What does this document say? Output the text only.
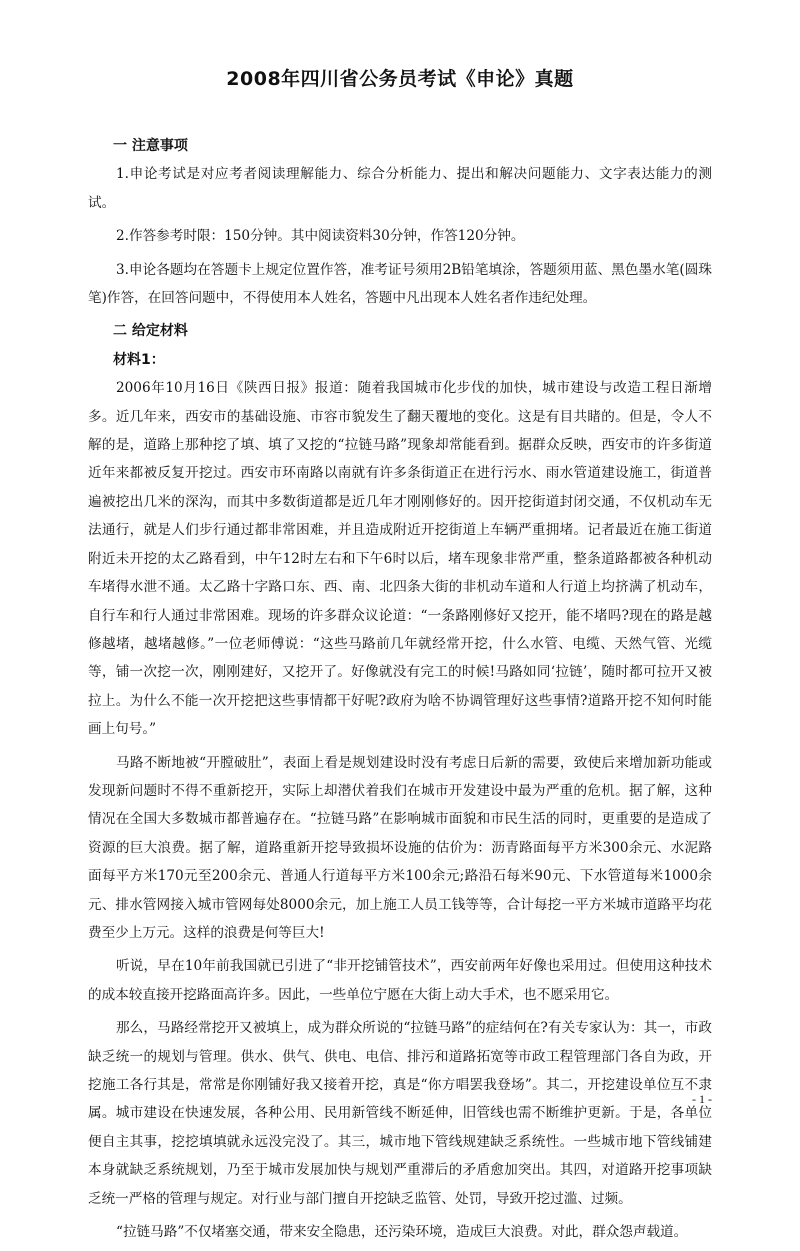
2008年四川省公务员考试《申论》真题
一 注意事项
1.申论考试是对应考者阅读理解能力、综合分析能力、提出和解决问题能力、文字表达能力的测试。
2.作答参考时限：150分钟。其中阅读资料30分钟，作答120分钟。
3.申论各题均在答题卡上规定位置作答，准考证号须用2B铅笔填涂，答题须用蓝、黑色墨水笔(圆珠笔)作答，在回答问题中，不得使用本人姓名，答题中凡出现本人姓名者作违纪处理。
二 给定材料
材料1：
2006年10月16日《陕西日报》报道：随着我国城市化步伐的加快，城市建设与改造工程日渐增多。近几年来，西安市的基础设施、市容市貌发生了翻天覆地的变化。这是有目共睹的。但是，令人不解的是，道路上那种挖了填、填了又挖的“拉链马路”现象却常能看到。据群众反映，西安市的许多街道近年来都被反复开挖过。西安市环南路以南就有许多条街道正在进行污水、雨水管道建设施工，街道普遍被挖出几米的深沟，而其中多数街道都是近几年才刚刚修好的。因开挖街道封闭交通，不仅机动车无法通行，就是人们步行通过都非常困难，并且造成附近开挖街道上车辆严重拥堵。记者最近在施工街道附近未开挖的太乙路看到，中午12时左右和下午6时以后，堵车现象非常严重，整条道路都被各种机动车堵得水泄不通。太乙路十字路口东、西、南、北四条大街的非机动车道和人行道上均挤满了机动车，自行车和行人通过非常困难。现场的许多群众议论道：“一条路刚修好又挖开，能不堵吗?现在的路是越修越堵，越堵越修。”一位老师傅说：“这些马路前几年就经常开挖，什么水管、电缆、天然气管、光缆等，铺一次挖一次，刚刚建好，又挖开了。好像就没有完工的时候!马路如同‘拉链’，随时都可拉开又被拉上。为什么不能一次开挖把这些事情都干好呢?政府为啥不协调管理好这些事情?道路开挖不知何时能画上句号。”
马路不断地被“开膛破肚”，表面上看是规划建设时没有考虑日后新的需要，致使后来增加新功能或发现新问题时不得不重新挖开，实际上却潜伏着我们在城市开发建设中最为严重的危机。据了解，这种情况在全国大多数城市都普遍存在。“拉链马路”在影响城市面貌和市民生活的同时，更重要的是造成了资源的巨大浪费。据了解，道路重新开挖导致损坏设施的估价为：沥青路面每平方米300余元、水泥路面每平方米170元至200余元、普通人行道每平方米100余元;路沿石每米90元、下水管道每米1000余元、排水管网接入城市管网每处8000余元，加上施工人员工钱等等，合计每挖一平方米城市道路平均花费至少上万元。这样的浪费是何等巨大!
听说，早在10年前我国就已引进了“非开挖铺管技术”，西安前两年好像也采用过。但使用这种技术的成本较直接开挖路面高许多。因此，一些单位宁愿在大街上动大手术，也不愿采用它。
那么，马路经常挖开又被填上，成为群众所说的“拉链马路”的症结何在?有关专家认为：其一，市政缺乏统一的规划与管理。供水、供气、供电、电信、排污和道路拓宽等市政工程管理部门各自为政，开挖施工各行其是，常常是你刚铺好我又接着开挖，真是“你方唱罢我登场”。其二，开挖建设单位互不隶属。城市建设在快速发展，各种公用、民用新管线不断延伸，旧管线也需不断维护更新。于是，各单位便自主其事，挖挖填填就永远没完没了。其三，城市地下管线规建缺乏系统性。一些城市地下管线铺建本身就缺乏系统规划，乃至于城市发展加快与规划严重滞后的矛盾愈加突出。其四，对道路开挖事项缺乏统一严格的管理与规定。对行业与部门擅自开挖缺乏监管、处罚，导致开挖过滥、过频。
“拉链马路”不仅堵塞交通，带来安全隐患，还污染环境，造成巨大浪费。对此，群众怨声载道。
- 1 -
